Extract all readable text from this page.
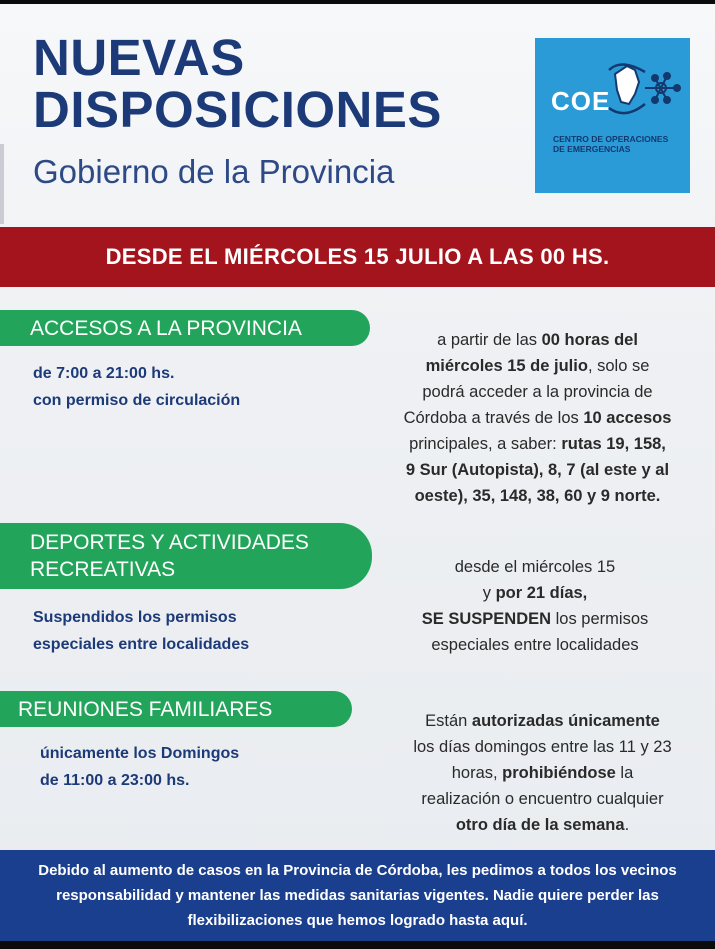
NUEVAS
DISPOSICIONES
Gobierno de la Provincia
COE
CENTRO DE OPERACIONES DE EMERGENCIAS
DESDE EL MIÉRCOLES 15 JULIO A LAS 00 HS.
ACCESOS A LA PROVINCIA
de 7:00 a 21:00 hs.
con permiso de circulación
a partir de las 00 horas del
miércoles 15 de julio, solo se
podrá acceder a la provincia de
Córdoba a través de los 10 accesos
principales, a saber: rutas 19, 158,
9 Sur (Autopista), 8, 7 (al este y al
oeste), 35, 148, 38, 60 y 9 norte.
DEPORTES Y ACTIVIDADES
RECREATIVAS
Suspendidos los permisos
especiales entre localidades
desde el miércoles 15
y por 21 días,
SE SUSPENDEN los permisos
especiales entre localidades
REUNIONES FAMILIARES
únicamente los Domingos
de 11:00 a 23:00 hs.
Están autorizadas únicamente
los días domingos entre las 11 y 23
horas, prohibiéndose la
realización o encuentro cualquier
otro día de la semana.
Debido al aumento de casos en la Provincia de Córdoba, les pedimos a todos los vecinos responsabilidad y mantener las medidas sanitarias vigentes. Nadie quiere perder las flexibilizaciones que hemos logrado hasta aquí.
